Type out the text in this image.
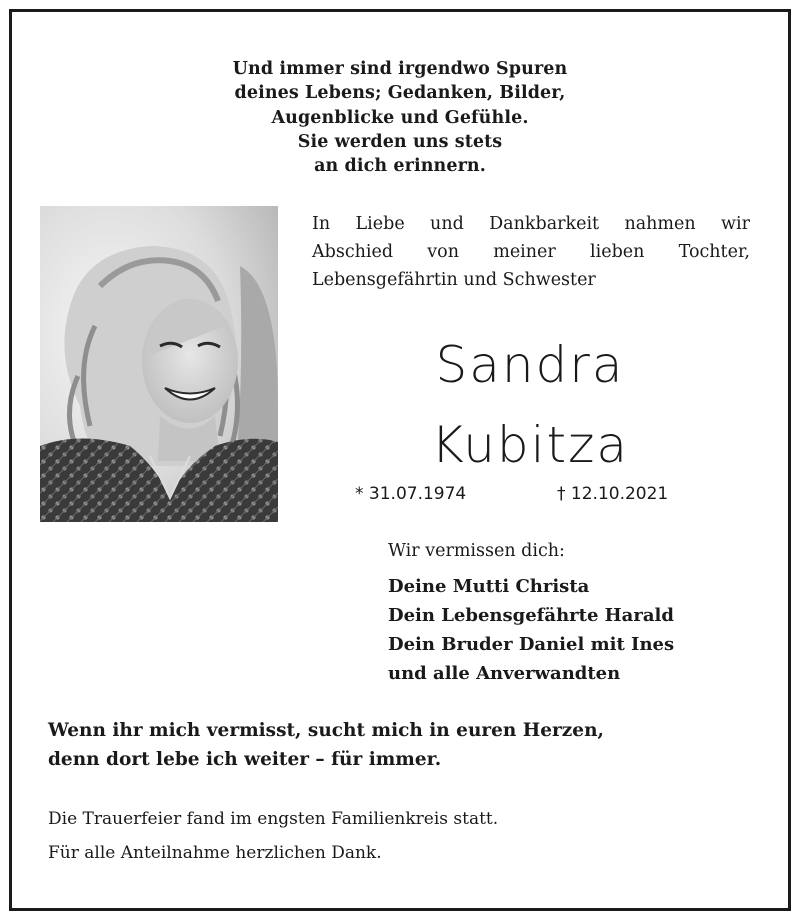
Und immer sind irgendwo Spuren
deines Lebens; Gedanken, Bilder,
Augenblicke und Gefühle.
Sie werden uns stets
an dich erinnern.
In Liebe und Dankbarkeit nahmen wir
Abschied von meiner lieben Tochter,
Lebensgefährtin und Schwester
Sandra
Kubitza
* 31.07.1974	† 12.10.2021
Wir vermissen dich:
Deine Mutti Christa
Dein Lebensgefährte Harald
Dein Bruder Daniel mit Ines
und alle Anverwandten
Wenn ihr mich vermisst, sucht mich in euren Herzen,
denn dort lebe ich weiter – für immer.
Die Trauerfeier fand im engsten Familienkreis statt.
Für alle Anteilnahme herzlichen Dank.
